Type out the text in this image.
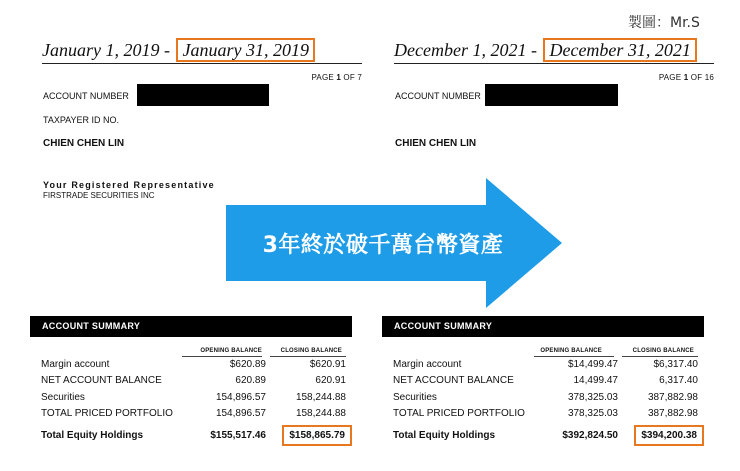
製圖：Mr.S
January 1, 2019 - January 31, 2019
PAGE 1 OF 7
ACCOUNT NUMBER
TAXPAYER ID NO.
CHIEN CHEN LIN
Your Registered Representative
FIRSTRADE SECURITIES INC
ACCOUNT SUMMARY
OPENING BALANCE	CLOSING BALANCE
Margin account	$620.89	$620.91
NET ACCOUNT BALANCE	620.89	620.91
Securities	154,896.57	158,244.88
TOTAL PRICED PORTFOLIO	154,896.57	158,244.88
Total Equity Holdings	$155,517.46	$158,865.79
December 1, 2021 - December 31, 2021
PAGE 1 OF 16
ACCOUNT NUMBER
CHIEN CHEN LIN
ACCOUNT SUMMARY
OPENING BALANCE	CLOSING BALANCE
Margin account	$14,499.47	$6,317.40
NET ACCOUNT BALANCE	14,499.47	6,317.40
Securities	378,325.03	387,882.98
TOTAL PRICED PORTFOLIO	378,325.03	387,882.98
Total Equity Holdings	$392,824.50	$394,200.38
3年終於破千萬台幣資產
